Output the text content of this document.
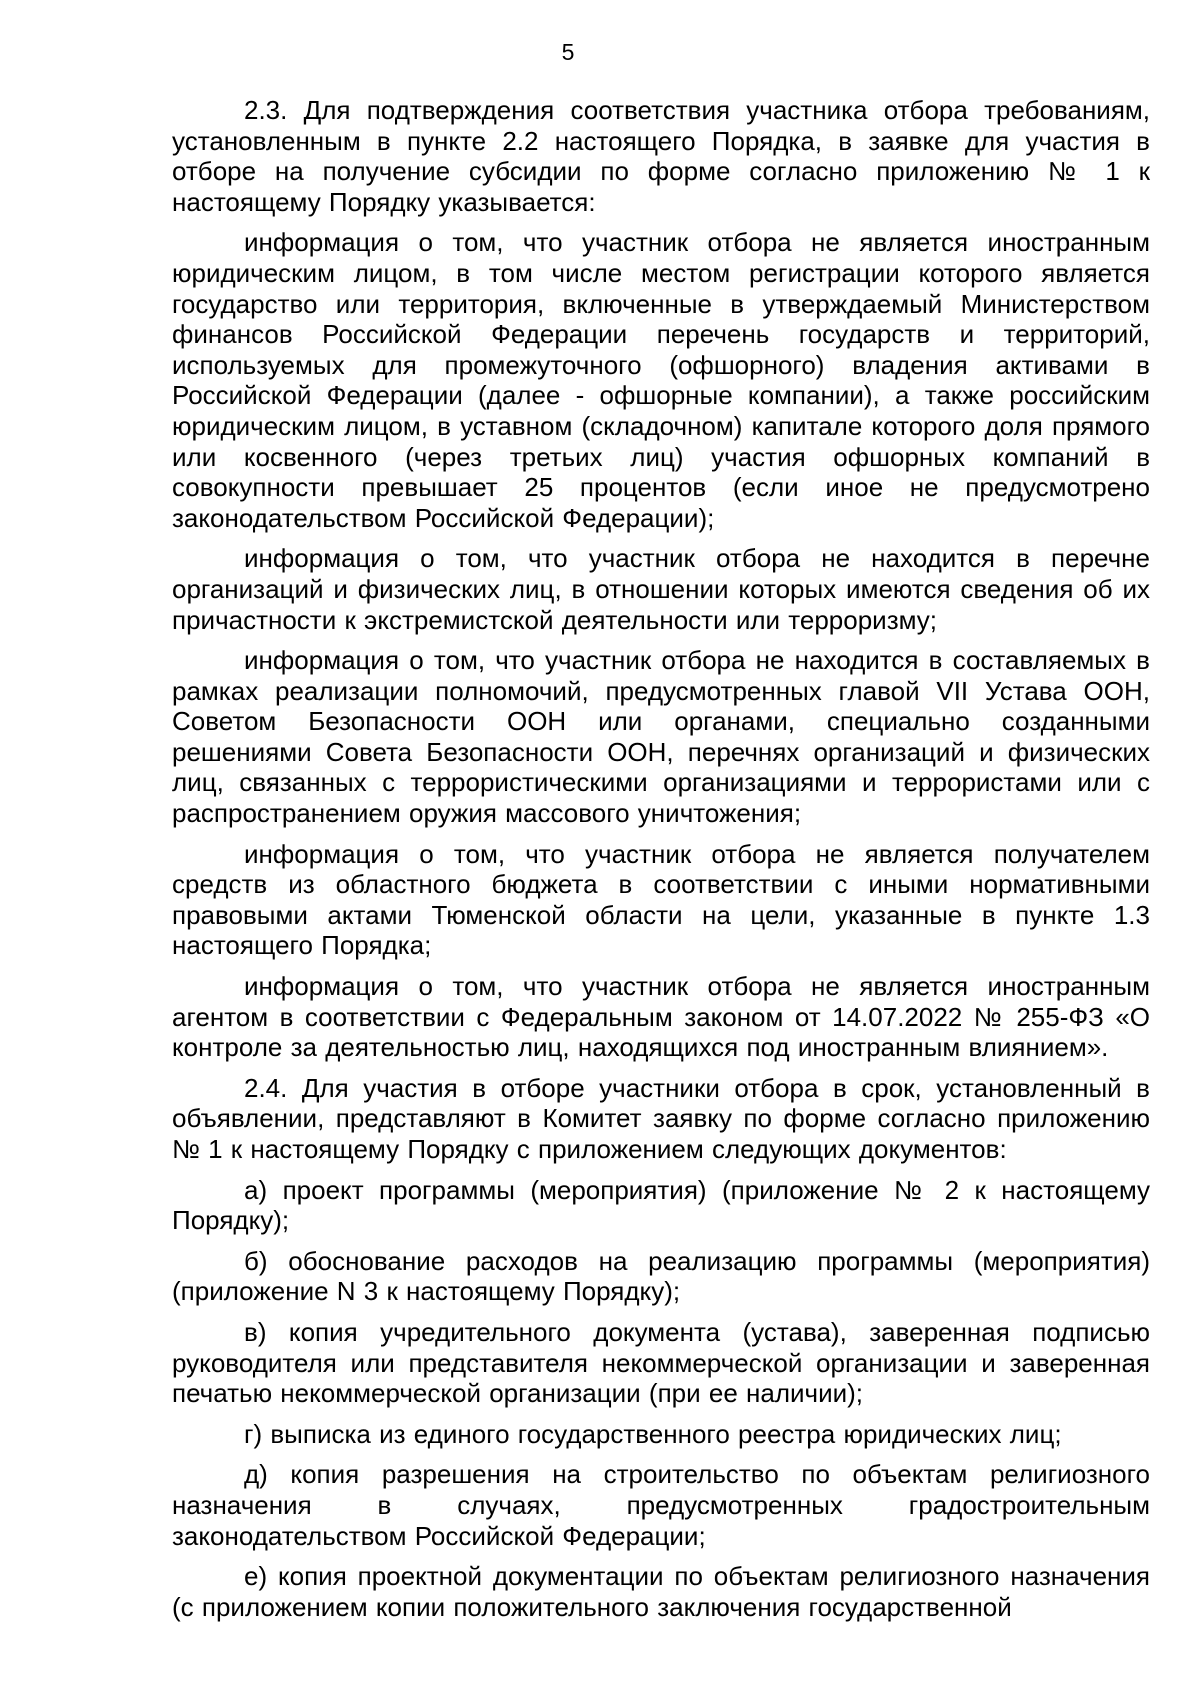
5

2.3. Для подтверждения соответствия участника отбора требованиям, установленным в пункте 2.2 настоящего Порядка, в заявке для участия в отборе на получение субсидии по форме согласно приложению № 1 к настоящему Порядку указывается:

информация о том, что участник отбора не является иностранным юридическим лицом, в том числе местом регистрации которого является государство или территория, включенные в утверждаемый Министерством финансов Российской Федерации перечень государств и территорий, используемых для промежуточного (офшорного) владения активами в Российской Федерации (далее - офшорные компании), а также российским юридическим лицом, в уставном (складочном) капитале которого доля прямого или косвенного (через третьих лиц) участия офшорных компаний в совокупности превышает 25 процентов (если иное не предусмотрено законодательством Российской Федерации);

информация о том, что участник отбора не находится в перечне организаций и физических лиц, в отношении которых имеются сведения об их причастности к экстремистской деятельности или терроризму;

информация о том, что участник отбора не находится в составляемых в рамках реализации полномочий, предусмотренных главой VII Устава ООН, Советом Безопасности ООН или органами, специально созданными решениями Совета Безопасности ООН, перечнях организаций и физических лиц, связанных с террористическими организациями и террористами или с распространением оружия массового уничтожения;

информация о том, что участник отбора не является получателем средств из областного бюджета в соответствии с иными нормативными правовыми актами Тюменской области на цели, указанные в пункте 1.3 настоящего Порядка;

информация о том, что участник отбора не является иностранным агентом в соответствии с Федеральным законом от 14.07.2022 № 255-ФЗ «О контроле за деятельностью лиц, находящихся под иностранным влиянием».

2.4. Для участия в отборе участники отбора в срок, установленный в объявлении, представляют в Комитет заявку по форме согласно приложению № 1 к настоящему Порядку с приложением следующих документов:

а) проект программы (мероприятия) (приложение № 2 к настоящему Порядку);

б) обоснование расходов на реализацию программы (мероприятия) (приложение N 3 к настоящему Порядку);

в) копия учредительного документа (устава), заверенная подписью руководителя или представителя некоммерческой организации и заверенная печатью некоммерческой организации (при ее наличии);

г) выписка из единого государственного реестра юридических лиц;

д) копия разрешения на строительство по объектам религиозного назначения в случаях, предусмотренных градостроительным законодательством Российской Федерации;

е) копия проектной документации по объектам религиозного назначения (с приложением копии положительного заключения государственной
